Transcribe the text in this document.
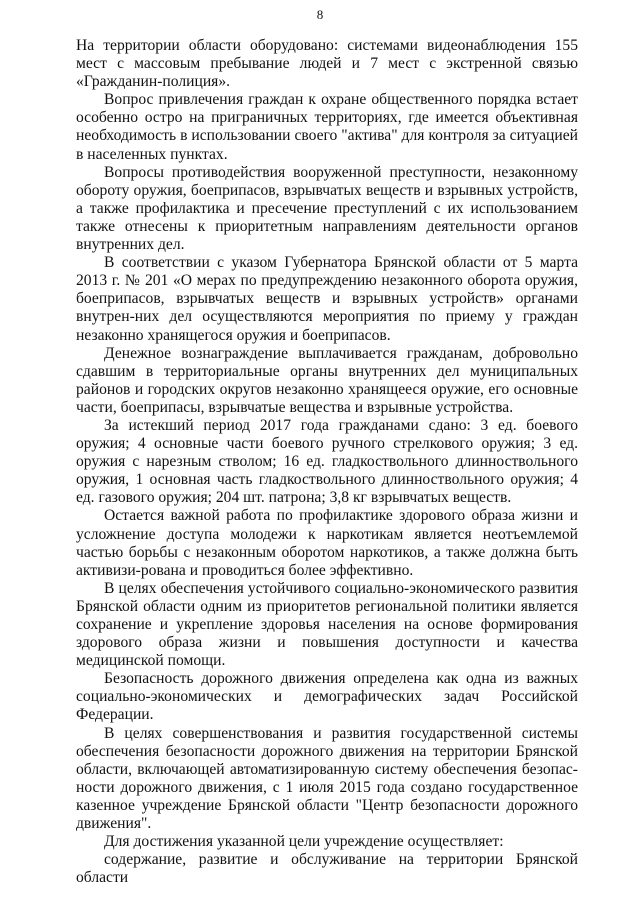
8

На территории области оборудовано: системами видеонаблюдения 155 мест с массовым пребывание людей и 7 мест с экстренной связью «Гражданин-полиция».

Вопрос привлечения граждан к охране общественного порядка встает особенно остро на приграничных территориях, где имеется объективная необходимость в использовании своего "актива" для контроля за ситуацией в населенных пунктах.

Вопросы противодействия вооруженной преступности, незаконному обороту оружия, боеприпасов, взрывчатых веществ и взрывных устройств, а также профилактика и пресечение преступлений с их использованием также отнесены к приоритетным направлениям деятельности органов внутренних дел.

В соответствии с указом Губернатора Брянской области от 5 марта 2013 г. № 201 «О мерах по предупреждению незаконного оборота оружия, боеприпасов, взрывчатых веществ и взрывных устройств» органами внутрен-них дел осуществляются мероприятия по приему у граждан незаконно хранящегося оружия и боеприпасов.

Денежное вознаграждение выплачивается гражданам, добровольно сдавшим в территориальные органы внутренних дел муниципальных районов и городских округов незаконно хранящееся оружие, его основные части, боеприпасы, взрывчатые вещества и взрывные устройства.

За истекший период 2017 года гражданами сдано: 3 ед. боевого оружия; 4 основные части боевого ручного стрелкового оружия; 3 ед. оружия с нарезным стволом; 16 ед. гладкоствольного длинноствольного оружия, 1 основная часть гладкоствольного длинноствольного оружия; 4 ед. газового оружия; 204 шт. патрона; 3,8 кг взрывчатых веществ.

Остается важной работа по профилактике здорового образа жизни и усложнение доступа молодежи к наркотикам является неотъемлемой частью борьбы с незаконным оборотом наркотиков, а также должна быть активизи-рована и проводиться более эффективно.

В целях обеспечения устойчивого социально-экономического развития Брянской области одним из приоритетов региональной политики является сохранение и укрепление здоровья населения на основе формирования здорового образа жизни и повышения доступности и качества медицинской помощи.

Безопасность дорожного движения определена как одна из важных социально-экономических и демографических задач Российской Федерации.

В целях совершенствования и развития государственной системы обеспечения безопасности дорожного движения на территории Брянской области, включающей автоматизированную систему обеспечения безопас-ности дорожного движения, с 1 июля 2015 года создано государственное казенное учреждение Брянской области "Центр безопасности дорожного движения".

Для достижения указанной цели учреждение осуществляет:

содержание, развитие и обслуживание на территории Брянской области
